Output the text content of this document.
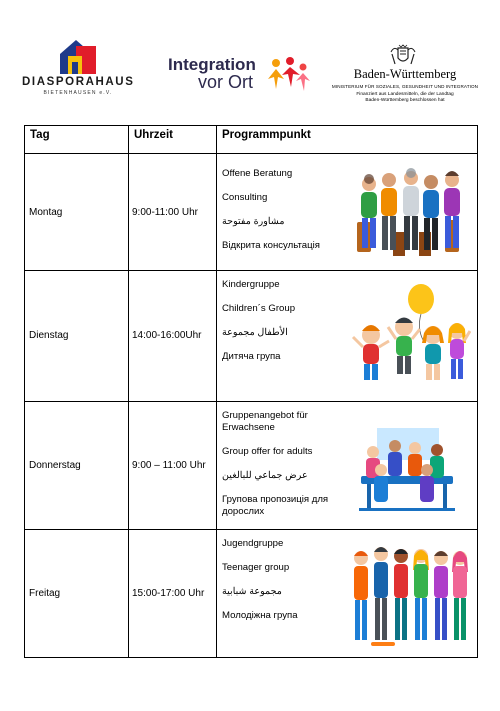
DIASPORAHAUS
BIETENHAUSEN e.V.
Integration
vor Ort	Baden-Württemberg
MINISTERIUM FÜR SOZIALES, GESUNDHEIT UND INTEGRATION
Finanziert aus Landesmitteln, die der Landtag
Baden-Württemberg beschlossen hat
Tag	Uhrzeit	Programmpunkt
Montag	9:00-11:00 Uhr	Offene Beratung
Consulting
مشاورة مفتوحة
Відкрита консультація

Dienstag	14:00-16:00Uhr	Kindergruppe
Children´s Group
الأطفال مجموعة
Дитяча група

Donnerstag	9:00 – 11:00 Uhr	Gruppenangebot für Erwachsene
Group offer for adults
عرض جماعي للبالغين
Групова пропозиція для дорослих

Freitag	15:00-17:00 Uhr	Jugendgruppe
Teenager group
مجموعة شبابية
Молодіжна група
